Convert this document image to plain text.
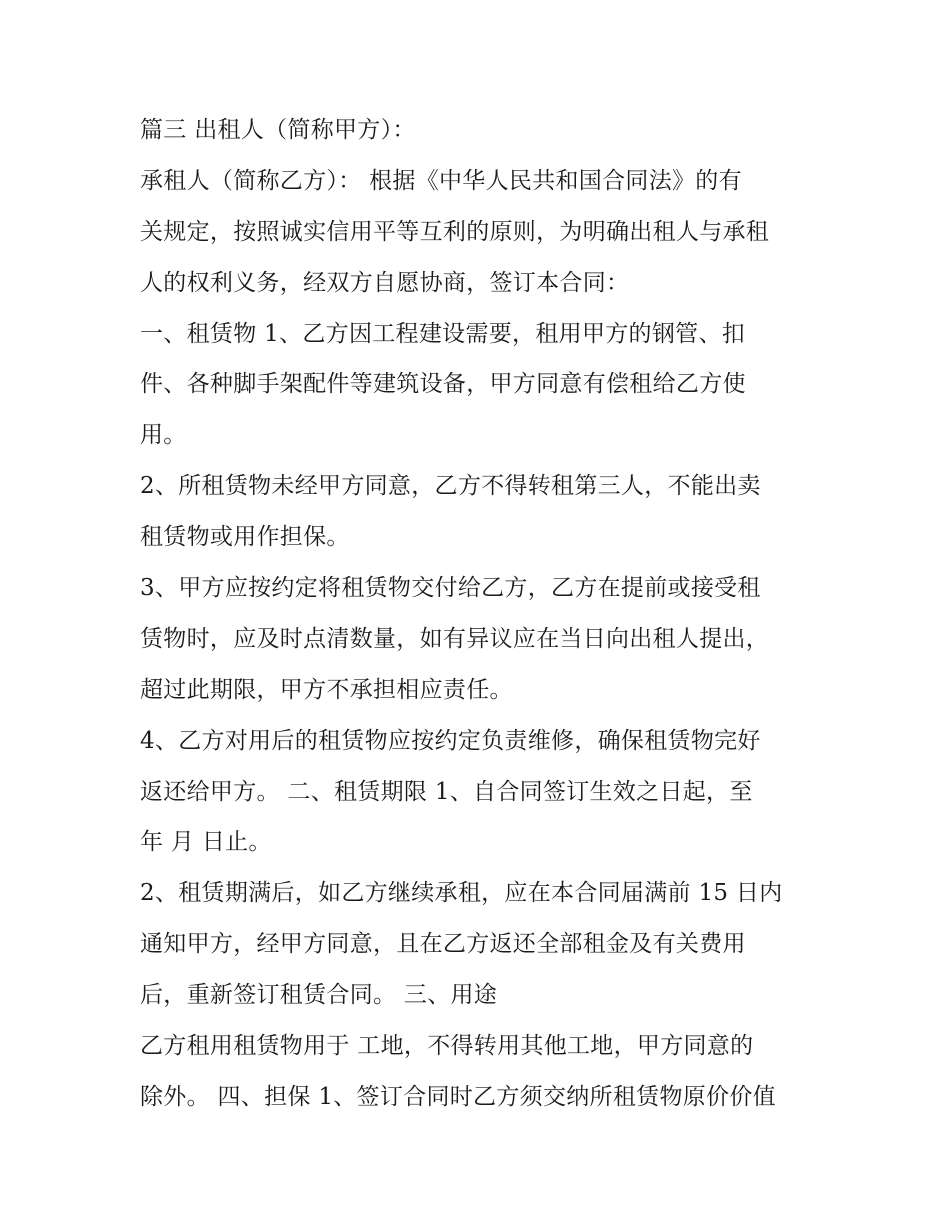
篇三 出租人（简称甲方）：
承租人（简称乙方）： 根据《中华人民共和国合同法》的有
关规定，按照诚实信用平等互利的原则，为明确出租人与承租
人的权利义务，经双方自愿协商，签订本合同：
一、租赁物 1、乙方因工程建设需要，租用甲方的钢管、扣
件、各种脚手架配件等建筑设备，甲方同意有偿租给乙方使
用。
2、所租赁物未经甲方同意，乙方不得转租第三人，不能出卖
租赁物或用作担保。
3、甲方应按约定将租赁物交付给乙方，乙方在提前或接受租
赁物时，应及时点清数量，如有异议应在当日向出租人提出，
超过此期限，甲方不承担相应责任。
4、乙方对用后的租赁物应按约定负责维修，确保租赁物完好
返还给甲方。 二、租赁期限 1、自合同签订生效之日起，至
年 月 日止。
2、租赁期满后，如乙方继续承租，应在本合同届满前 15 日内
通知甲方，经甲方同意，且在乙方返还全部租金及有关费用
后，重新签订租赁合同。 三、用途
乙方租用租赁物用于 工地，不得转用其他工地，甲方同意的
除外。 四、担保 1、签订合同时乙方须交纳所租赁物原价价值
